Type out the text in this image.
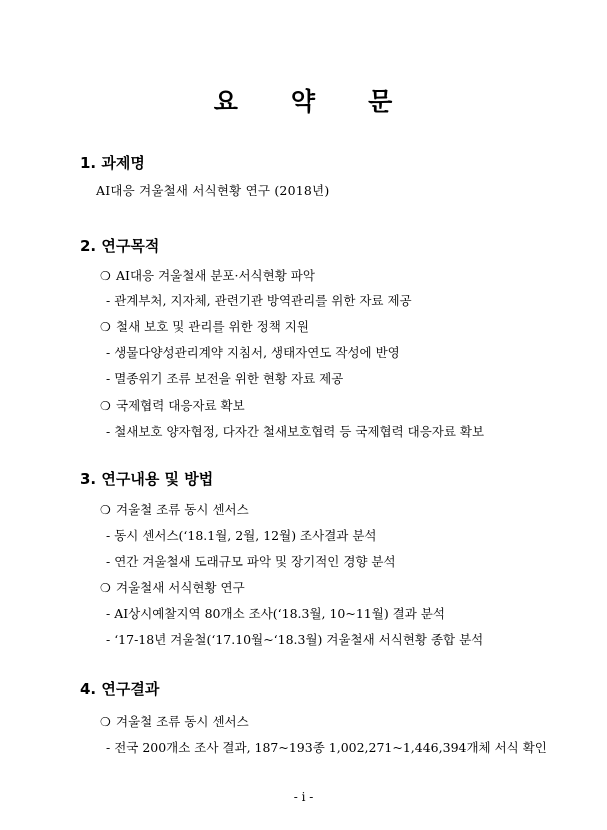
요 약 문
1. 과제명
AI대응 겨울철새 서식현황 연구 (2018년)
2. 연구목적
❍ AI대응 겨울철새 분포·서식현황 파악
- 관계부처, 지자체, 관련기관 방역관리를 위한 자료 제공
❍ 철새 보호 및 관리를 위한 정책 지원
- 생물다양성관리계약 지침서, 생태자연도 작성에 반영
- 멸종위기 조류 보전을 위한 현황 자료 제공
❍ 국제협력 대응자료 확보
- 철새보호 양자협정, 다자간 철새보호협력 등 국제협력 대응자료 확보
3. 연구내용 및 방법
❍ 겨울철 조류 동시 센서스
- 동시 센서스(‘18.1월, 2월, 12월) 조사결과 분석
- 연간 겨울철새 도래규모 파악 및 장기적인 경향 분석
❍ 겨울철새 서식현황 연구
- AI상시예찰지역 80개소 조사(‘18.3월, 10~11월) 결과 분석
- ‘17-18년 겨울철(‘17.10월~‘18.3월) 겨울철새 서식현황 종합 분석
4. 연구결과
❍ 겨울철 조류 동시 센서스
- 전국 200개소 조사 결과, 187~193종 1,002,271~1,446,394개체 서식 확인
- i -
